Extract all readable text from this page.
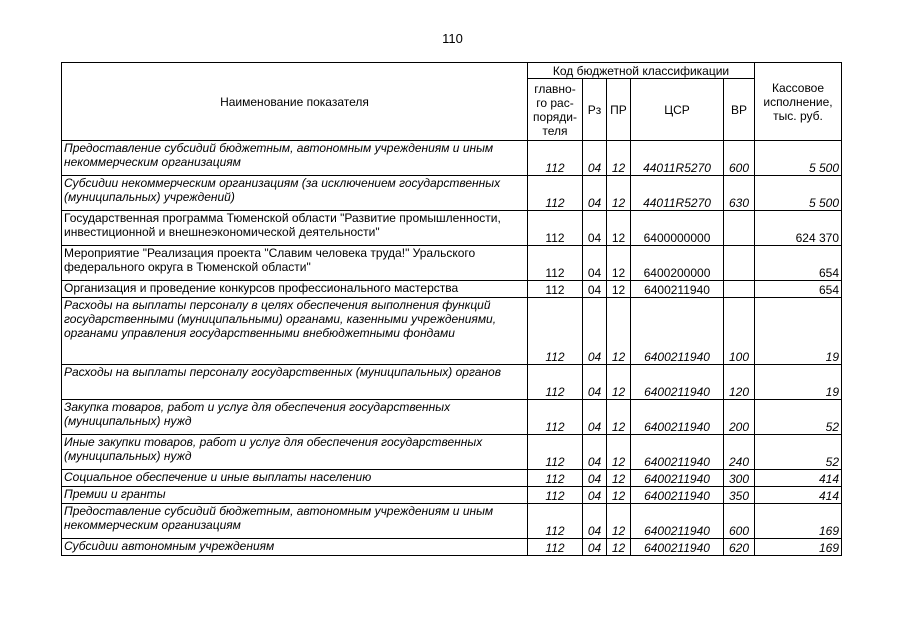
110
Наименование показателя	Код бюджетной классификации					Кассовое исполнение, тыс. руб.
	главно-го рас-поряди-теля	Рз	ПР	ЦСР	ВР	
Предоставление субсидий бюджетным, автономным учреждениям и иным некоммерческим организациям	112	04	12	44011R5270	600	5 500
Субсидии некоммерческим организациям (за исключением государственных (муниципальных) учреждений)	112	04	12	44011R5270	630	5 500
Государственная программа Тюменской области "Развитие промышленности, инвестиционной и внешнеэкономической деятельности"	112	04	12	6400000000		624 370
Мероприятие "Реализация проекта "Славим человека труда!" Уральского федерального округа в Тюменской области"	112	04	12	6400200000		654
Организация и проведение конкурсов профессионального мастерства	112	04	12	6400211940		654
Расходы на выплаты персоналу в целях обеспечения выполнения функций государственными (муниципальными) органами, казенными учреждениями, органами управления государственными внебюджетными фондами	112	04	12	6400211940	100	19
Расходы на выплаты персоналу государственных (муниципальных) органов	112	04	12	6400211940	120	19
Закупка товаров, работ и услуг для обеспечения государственных (муниципальных) нужд	112	04	12	6400211940	200	52
Иные закупки товаров, работ и услуг для обеспечения государственных (муниципальных) нужд	112	04	12	6400211940	240	52
Социальное обеспечение и иные выплаты населению	112	04	12	6400211940	300	414
Премии и гранты	112	04	12	6400211940	350	414
Предоставление субсидий бюджетным, автономным учреждениям и иным некоммерческим организациям	112	04	12	6400211940	600	169
Субсидии автономным учреждениям	112	04	12	6400211940	620	169
